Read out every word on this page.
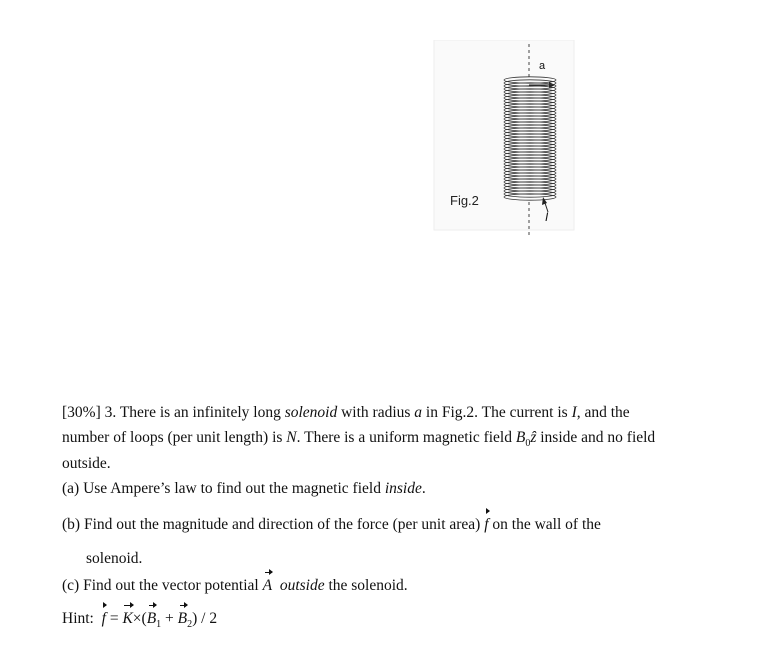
a
I
Fig.2
[30%] 3. There is an infinitely long solenoid with radius a in Fig.2. The current is I, and the
number of loops (per unit length) is N. There is a uniform magnetic field $B_0ẑ$ inside and no field
outside.
(a) Use Ampere’s law to find out the magnetic field inside.
(b) Find out the magnitude and direction of the force (per unit area) f on the wall of the
solenoid.
(c) Find out the vector potential A outside the solenoid.
Hint: $f = K\times(B_1 + B_2) / 2$
